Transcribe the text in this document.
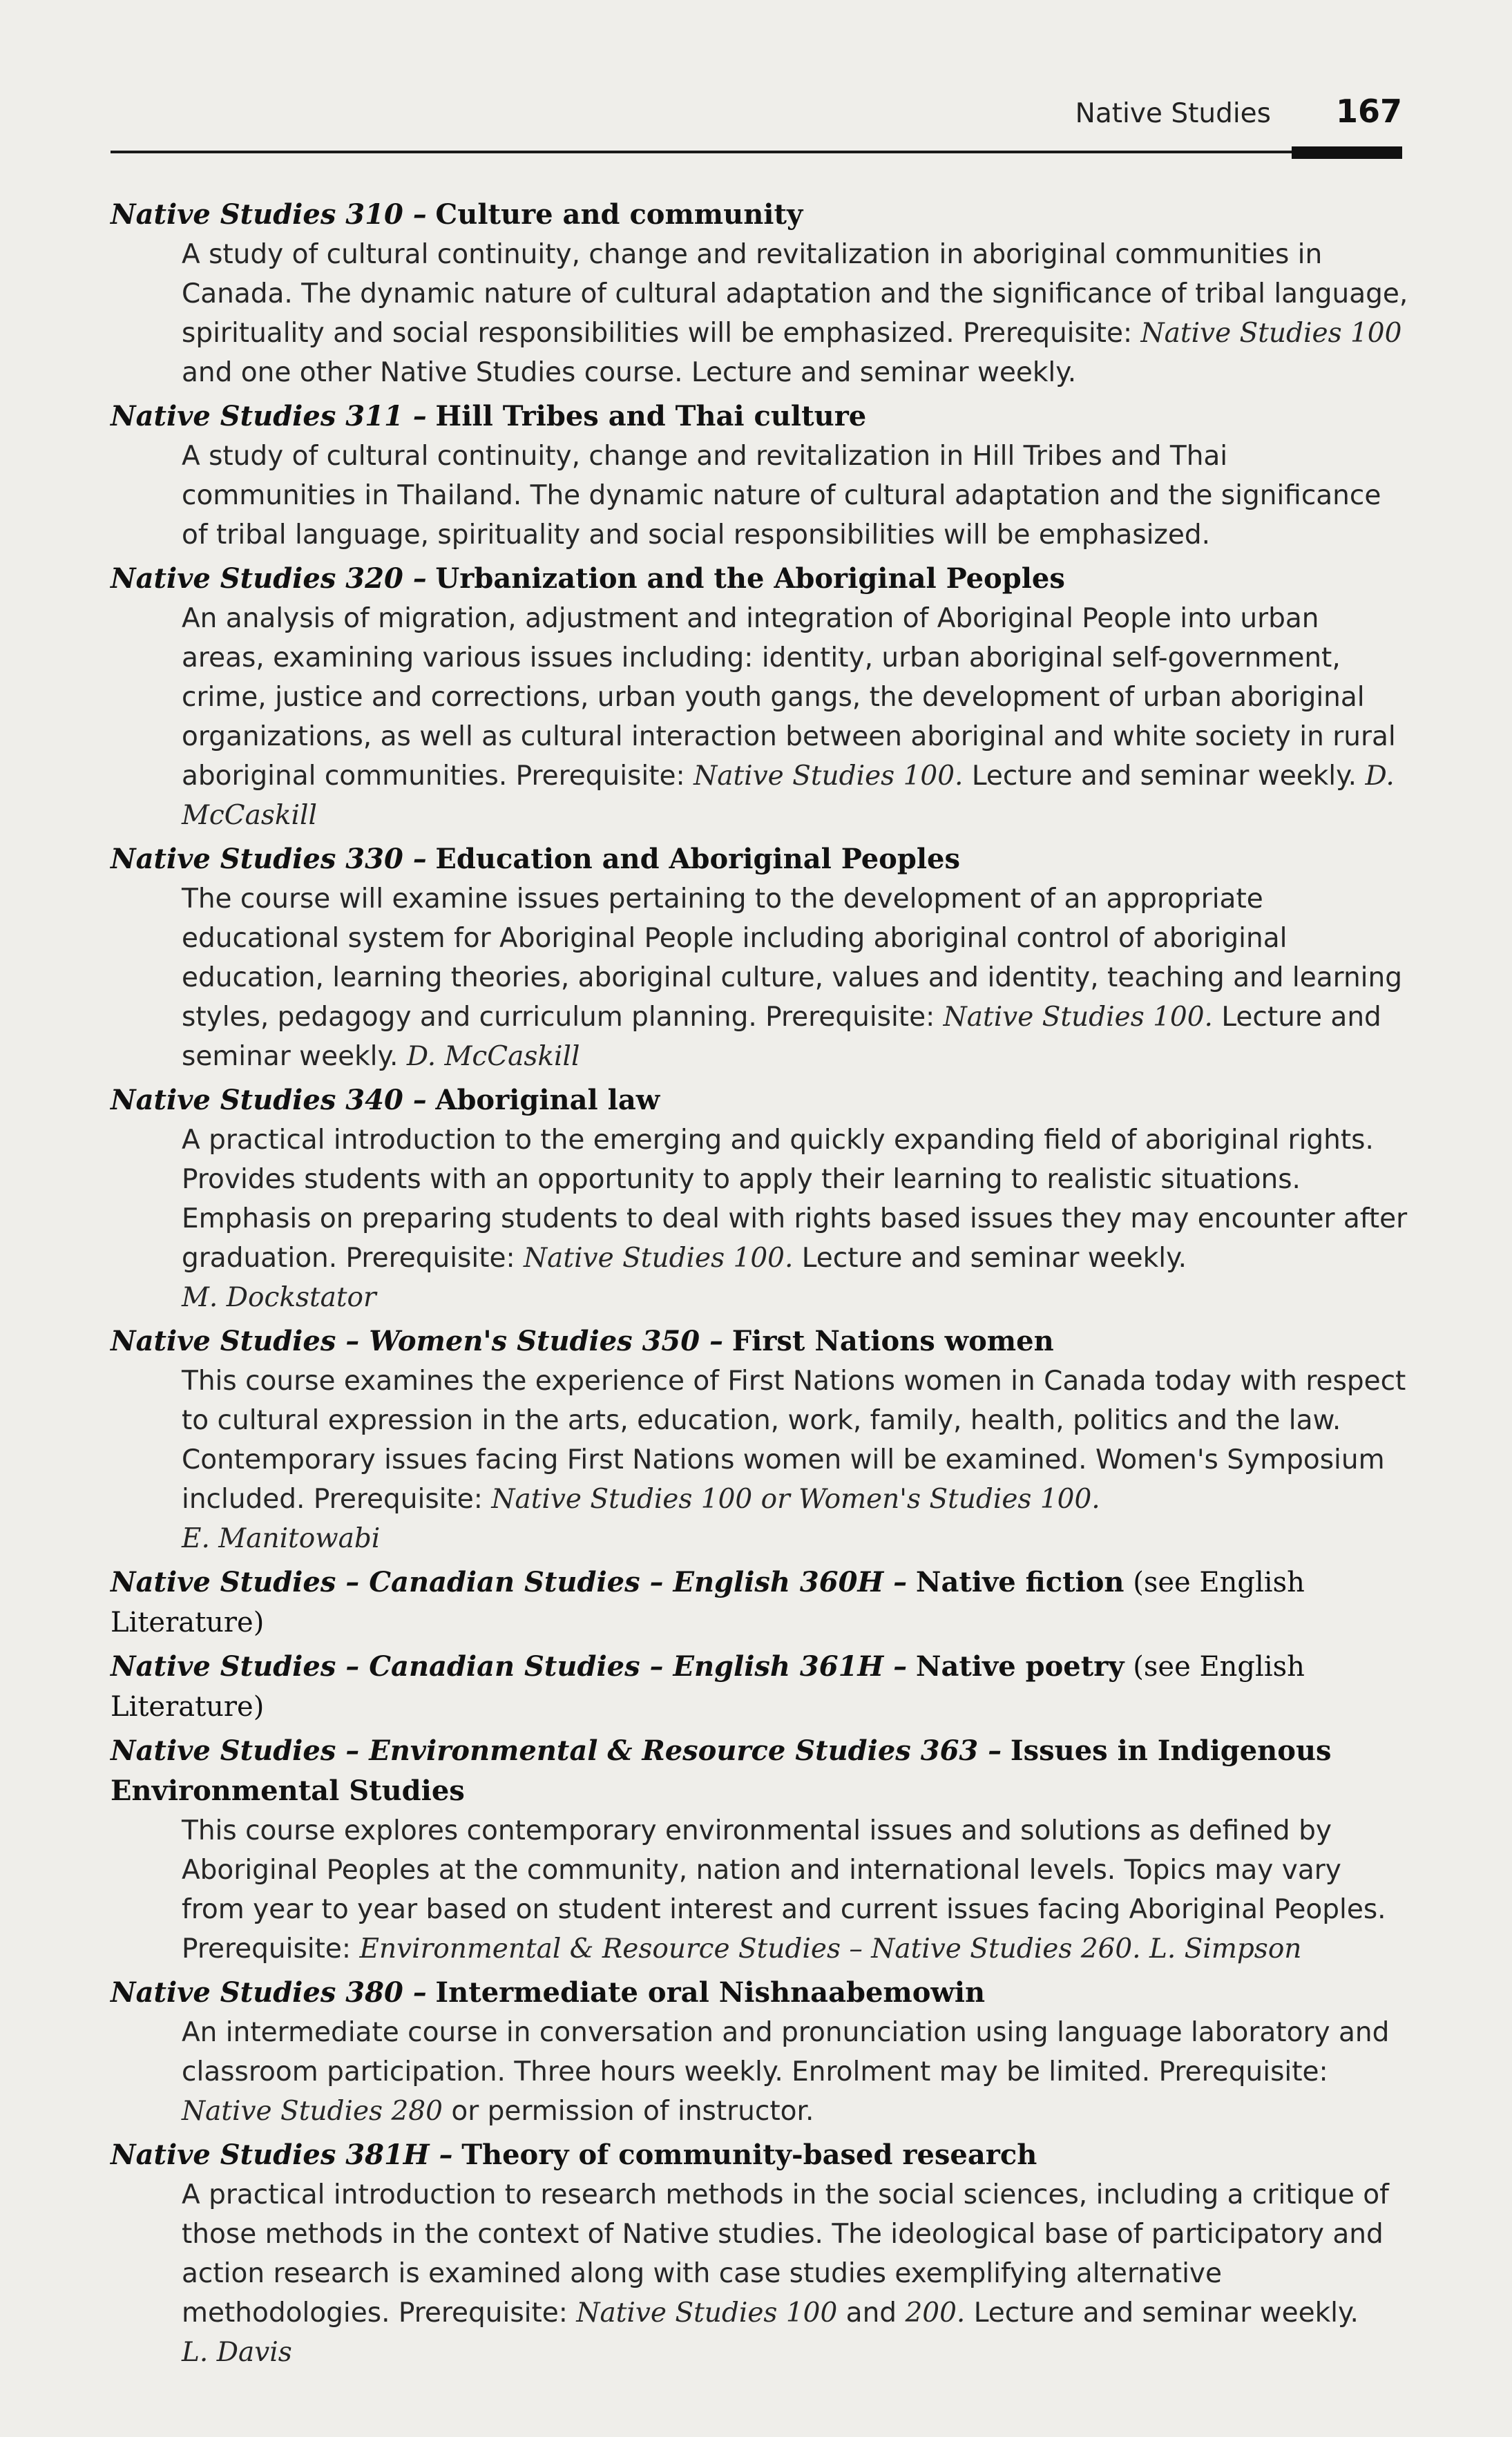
Native Studies 167
Native Studies 310 – Culture and community
A study of cultural continuity, change and revitalization in aboriginal communities in Canada. The dynamic nature of cultural adaptation and the significance of tribal language, spirituality and social responsibilities will be emphasized. Prerequisite: Native Studies 100 and one other Native Studies course. Lecture and seminar weekly.
Native Studies 311 – Hill Tribes and Thai culture
A study of cultural continuity, change and revitalization in Hill Tribes and Thai communities in Thailand. The dynamic nature of cultural adaptation and the significance of tribal language, spirituality and social responsibilities will be emphasized.
Native Studies 320 – Urbanization and the Aboriginal Peoples
An analysis of migration, adjustment and integration of Aboriginal People into urban areas, examining various issues including: identity, urban aboriginal self-government, crime, justice and corrections, urban youth gangs, the development of urban aboriginal organizations, as well as cultural interaction between aboriginal and white society in rural aboriginal communities. Prerequisite: Native Studies 100. Lecture and seminar weekly. D. McCaskill
Native Studies 330 – Education and Aboriginal Peoples
The course will examine issues pertaining to the development of an appropriate educational system for Aboriginal People including aboriginal control of aboriginal education, learning theories, aboriginal culture, values and identity, teaching and learning styles, pedagogy and curriculum planning. Prerequisite: Native Studies 100. Lecture and seminar weekly. D. McCaskill
Native Studies 340 – Aboriginal law
A practical introduction to the emerging and quickly expanding field of aboriginal rights. Provides students with an opportunity to apply their learning to realistic situations. Emphasis on preparing students to deal with rights based issues they may encounter after graduation. Prerequisite: Native Studies 100. Lecture and seminar weekly.
M. Dockstator
Native Studies – Women's Studies 350 – First Nations women
This course examines the experience of First Nations women in Canada today with respect to cultural expression in the arts, education, work, family, health, politics and the law. Contemporary issues facing First Nations women will be examined. Women's Symposium included. Prerequisite: Native Studies 100 or Women's Studies 100.
E. Manitowabi
Native Studies – Canadian Studies – English 360H – Native fiction (see English Literature)
Native Studies – Canadian Studies – English 361H – Native poetry (see English Literature)
Native Studies – Environmental & Resource Studies 363 – Issues in Indigenous Environmental Studies
This course explores contemporary environmental issues and solutions as defined by Aboriginal Peoples at the community, nation and international levels. Topics may vary from year to year based on student interest and current issues facing Aboriginal Peoples. Prerequisite: Environmental & Resource Studies – Native Studies 260. L. Simpson
Native Studies 380 – Intermediate oral Nishnaabemowin
An intermediate course in conversation and pronunciation using language laboratory and classroom participation. Three hours weekly. Enrolment may be limited. Prerequisite: Native Studies 280 or permission of instructor.
Native Studies 381H – Theory of community-based research
A practical introduction to research methods in the social sciences, including a critique of those methods in the context of Native studies. The ideological base of participatory and action research is examined along with case studies exemplifying alternative methodologies. Prerequisite: Native Studies 100 and 200. Lecture and seminar weekly.
L. Davis
